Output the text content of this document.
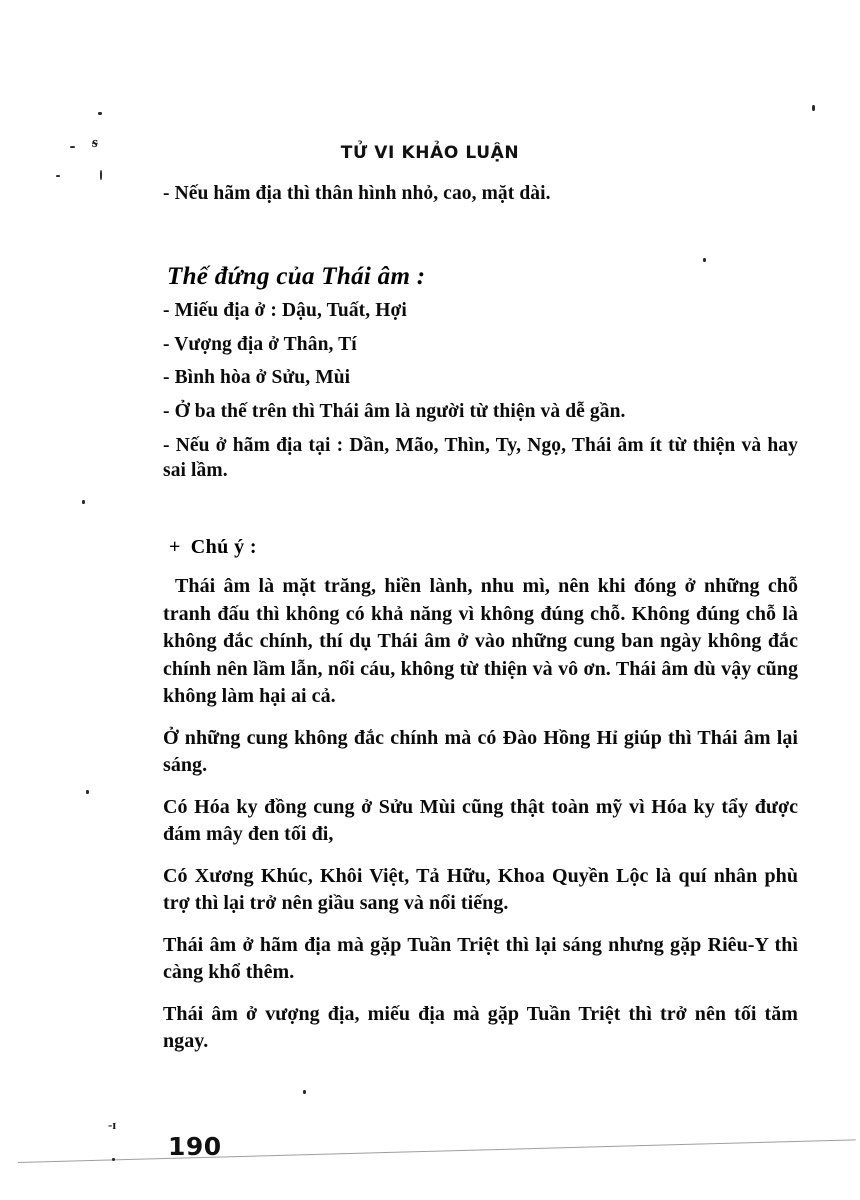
TỬ VI KHẢO LUẬN

- Nếu hãm địa thì thân hình nhỏ, cao, mặt dài.

Thế đứng của Thái âm :
- Miếu địa ở : Dậu, Tuất, Hợi
- Vượng địa ở Thân, Tí
- Bình hòa ở Sửu, Mùi
- Ở ba thế trên thì Thái âm là người từ thiện và dễ gần.
- Nếu ở hãm địa tại : Dần, Mão, Thìn, Ty, Ngọ, Thái âm ít từ thiện và hay sai lầm.
+ Chú ý :

Thái âm là mặt trăng, hiền lành, nhu mì, nên khi đóng ở những chỗ tranh đấu thì không có khả năng vì không đúng chỗ. Không đúng chỗ là không đắc chính, thí dụ Thái âm ở vào những cung ban ngày không đắc chính nên lầm lẫn, nổi cáu, không từ thiện và vô ơn. Thái âm dù vậy cũng không làm hại ai cả.

Ở những cung không đắc chính mà có Đào Hồng Hỉ giúp thì Thái âm lại sáng.

Có Hóa ky đồng cung ở Sửu Mùi cũng thật toàn mỹ vì Hóa ky tẩy được đám mây đen tối đi,

Có Xương Khúc, Khôi Việt, Tả Hữu, Khoa Quyền Lộc là quí nhân phù trợ thì lại trở nên giầu sang và nổi tiếng.

Thái âm ở hãm địa mà gặp Tuần Triệt thì lại sáng nhưng gặp Riêu-Y thì càng khổ thêm.

Thái âm ở vượng địa, miếu địa mà gặp Tuần Triệt thì trở nên tối tăm ngay.

190
ᵴ
-ɪ
